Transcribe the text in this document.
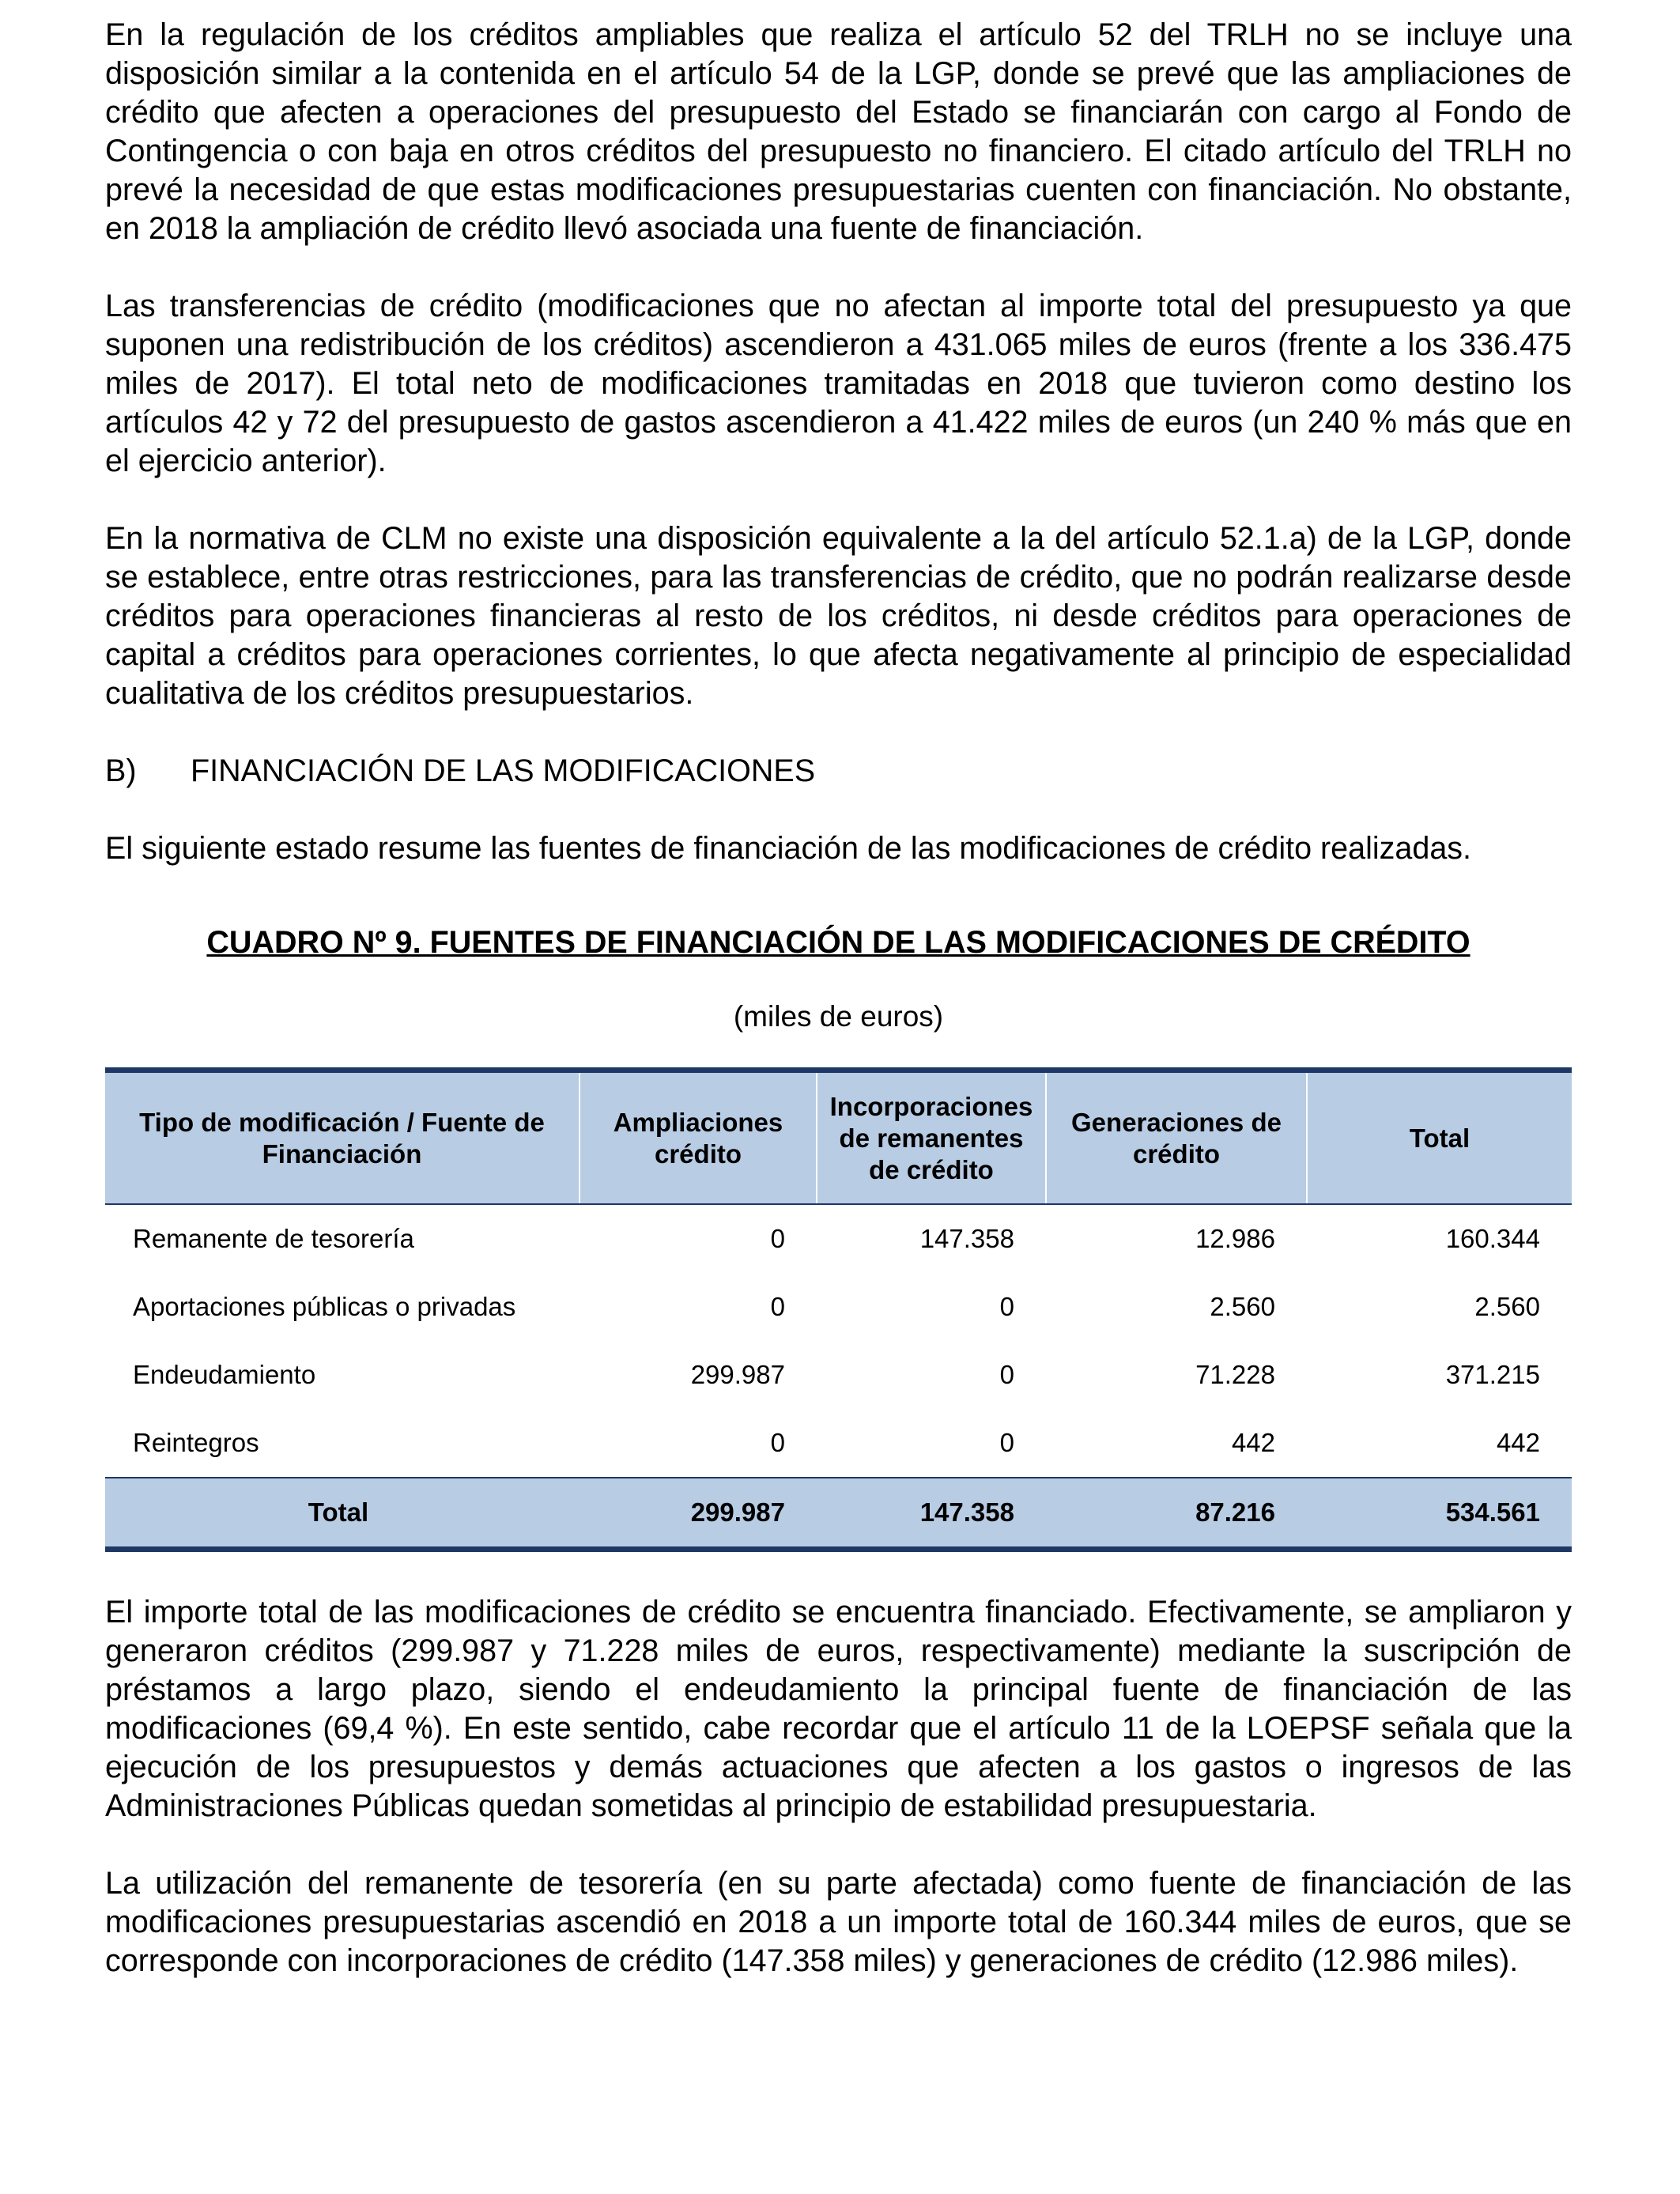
En la regulación de los créditos ampliables que realiza el artículo 52 del TRLH no se incluye una disposición similar a la contenida en el artículo 54 de la LGP, donde se prevé que las ampliaciones de crédito que afecten a operaciones del presupuesto del Estado se financiarán con cargo al Fondo de Contingencia o con baja en otros créditos del presupuesto no financiero. El citado artículo del TRLH no prevé la necesidad de que estas modificaciones presupuestarias cuenten con financiación. No obstante, en 2018 la ampliación de crédito llevó asociada una fuente de financiación.

Las transferencias de crédito (modificaciones que no afectan al importe total del presupuesto ya que suponen una redistribución de los créditos) ascendieron a 431.065 miles de euros (frente a los 336.475 miles de 2017). El total neto de modificaciones tramitadas en 2018 que tuvieron como destino los artículos 42 y 72 del presupuesto de gastos ascendieron a 41.422 miles de euros (un 240 % más que en el ejercicio anterior).

En la normativa de CLM no existe una disposición equivalente a la del artículo 52.1.a) de la LGP, donde se establece, entre otras restricciones, para las transferencias de crédito, que no podrán realizarse desde créditos para operaciones financieras al resto de los créditos, ni desde créditos para operaciones de capital a créditos para operaciones corrientes, lo que afecta negativamente al principio de especialidad cualitativa de los créditos presupuestarios.

B) FINANCIACIÓN DE LAS MODIFICACIONES

El siguiente estado resume las fuentes de financiación de las modificaciones de crédito realizadas.

CUADRO Nº 9. FUENTES DE FINANCIACIÓN DE LAS MODIFICACIONES DE CRÉDITO
(miles de euros)
Tipo de modificación / Fuente de Financiación	Ampliaciones crédito	Incorporaciones de remanentes de crédito	Generaciones de crédito	Total
Remanente de tesorería	0	147.358	12.986	160.344
Aportaciones públicas o privadas	0	0	2.560	2.560
Endeudamiento	299.987	0	71.228	371.215
Reintegros	0	0	442	442
Total	299.987	147.358	87.216	534.561

El importe total de las modificaciones de crédito se encuentra financiado. Efectivamente, se ampliaron y generaron créditos (299.987 y 71.228 miles de euros, respectivamente) mediante la suscripción de préstamos a largo plazo, siendo el endeudamiento la principal fuente de financiación de las modificaciones (69,4 %). En este sentido, cabe recordar que el artículo 11 de la LOEPSF señala que la ejecución de los presupuestos y demás actuaciones que afecten a los gastos o ingresos de las Administraciones Públicas quedan sometidas al principio de estabilidad presupuestaria.

La utilización del remanente de tesorería (en su parte afectada) como fuente de financiación de las modificaciones presupuestarias ascendió en 2018 a un importe total de 160.344 miles de euros, que se corresponde con incorporaciones de crédito (147.358 miles) y generaciones de crédito (12.986 miles).
